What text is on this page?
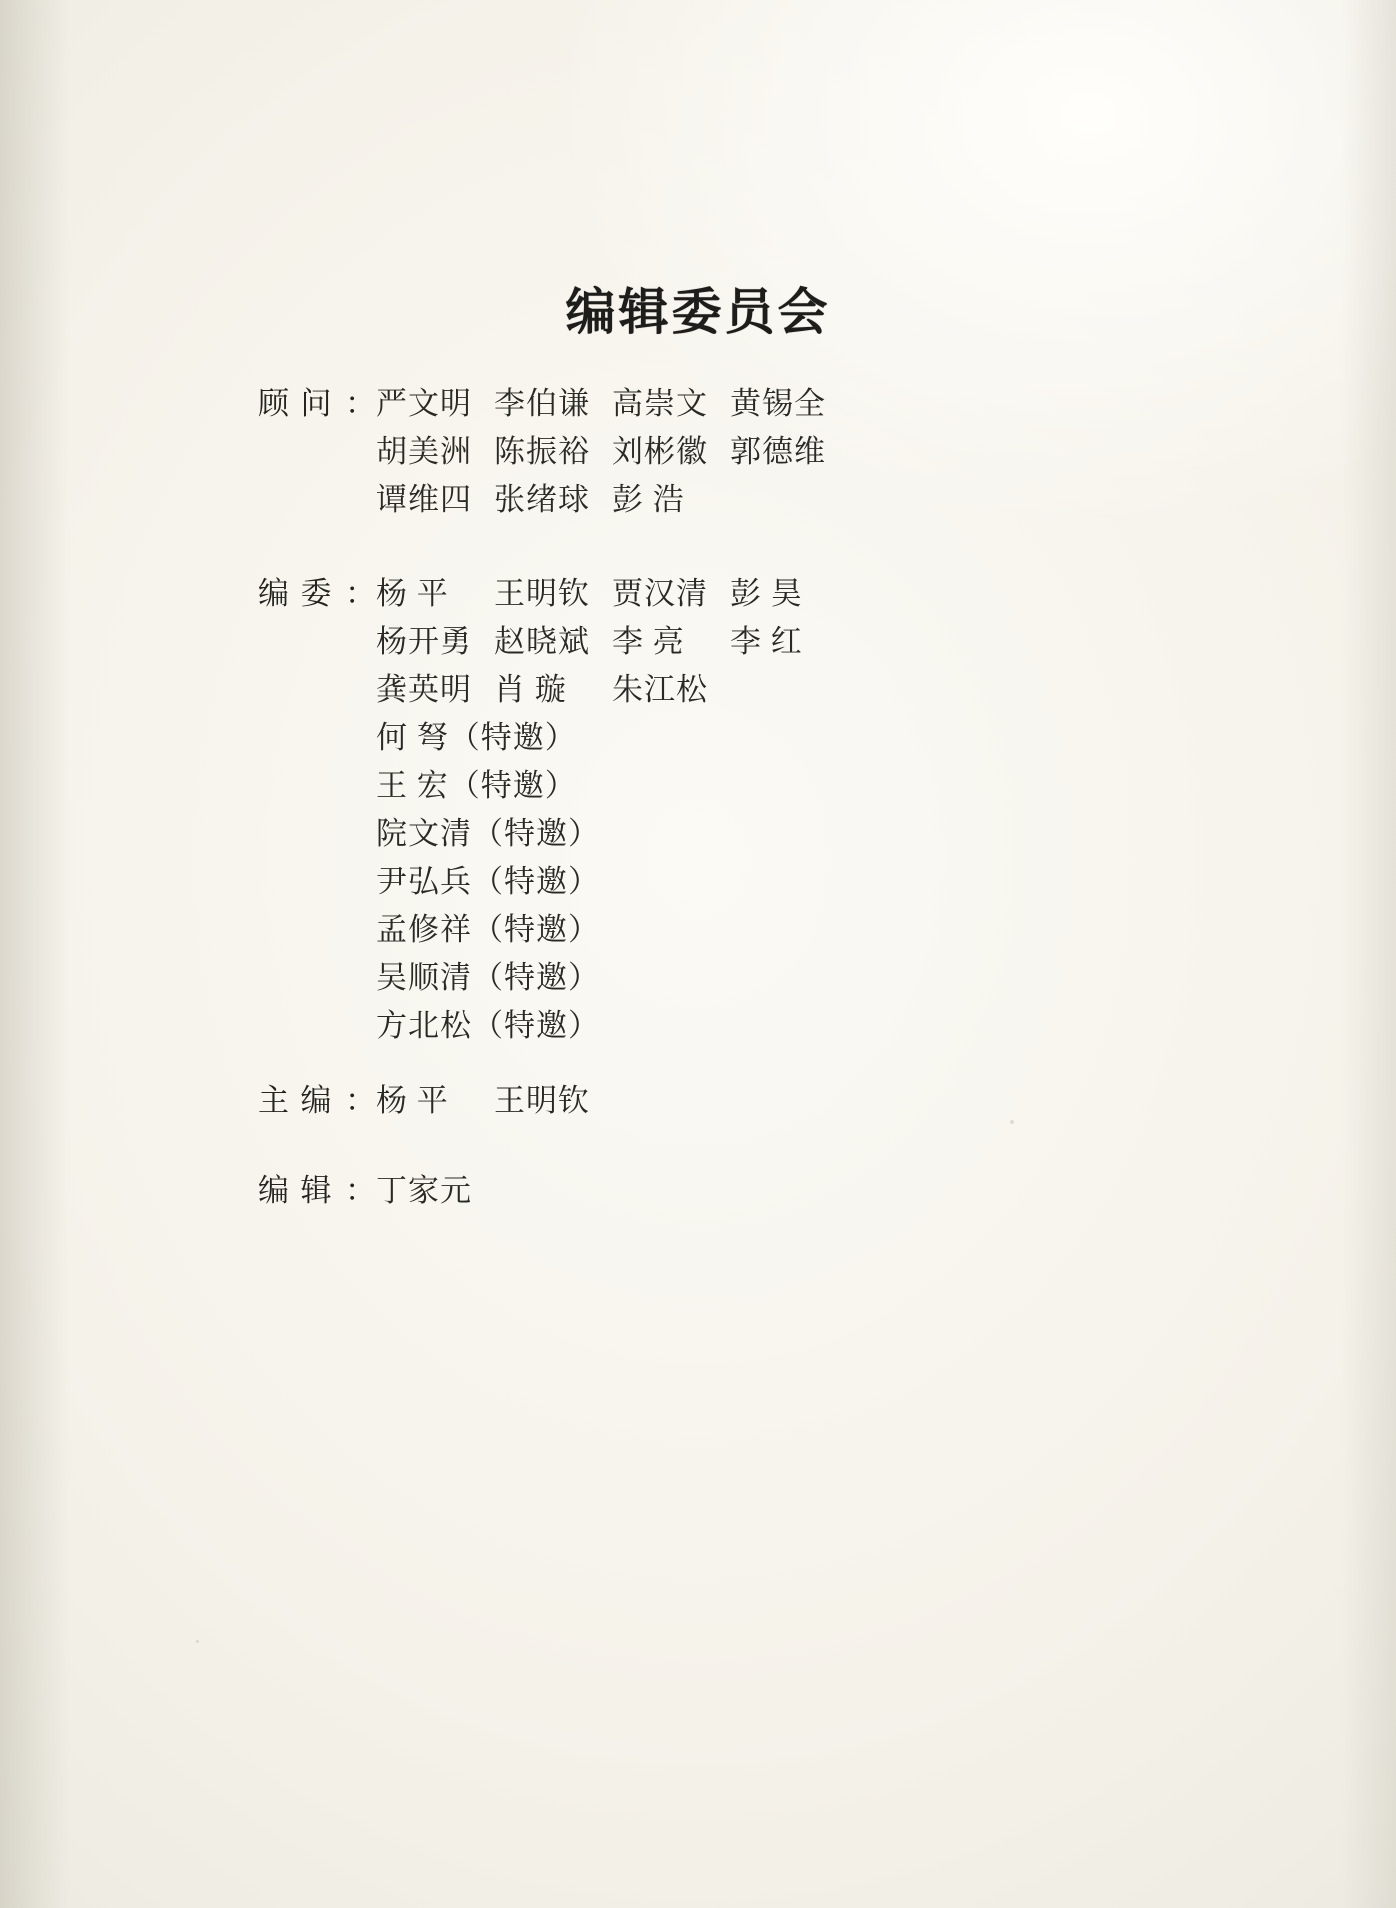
编辑委员会
顾 问 ： 严文明 李伯谦 高崇文 黄锡全
胡美洲 陈振裕 刘彬徽 郭德维
谭维四 张绪球 彭 浩
编 委 ： 杨 平	王明钦 贾汉清 彭 昊
杨开勇 赵晓斌 李 亮	李 红
龚英明 肖 璇	朱江松
何 弩（特邀）
王 宏（特邀）
院文清（特邀）
尹弘兵（特邀）
孟修祥（特邀）
吴顺清（特邀）
方北松（特邀）
主 编 ： 杨 平	王明钦
编 辑 ： 丁家元
